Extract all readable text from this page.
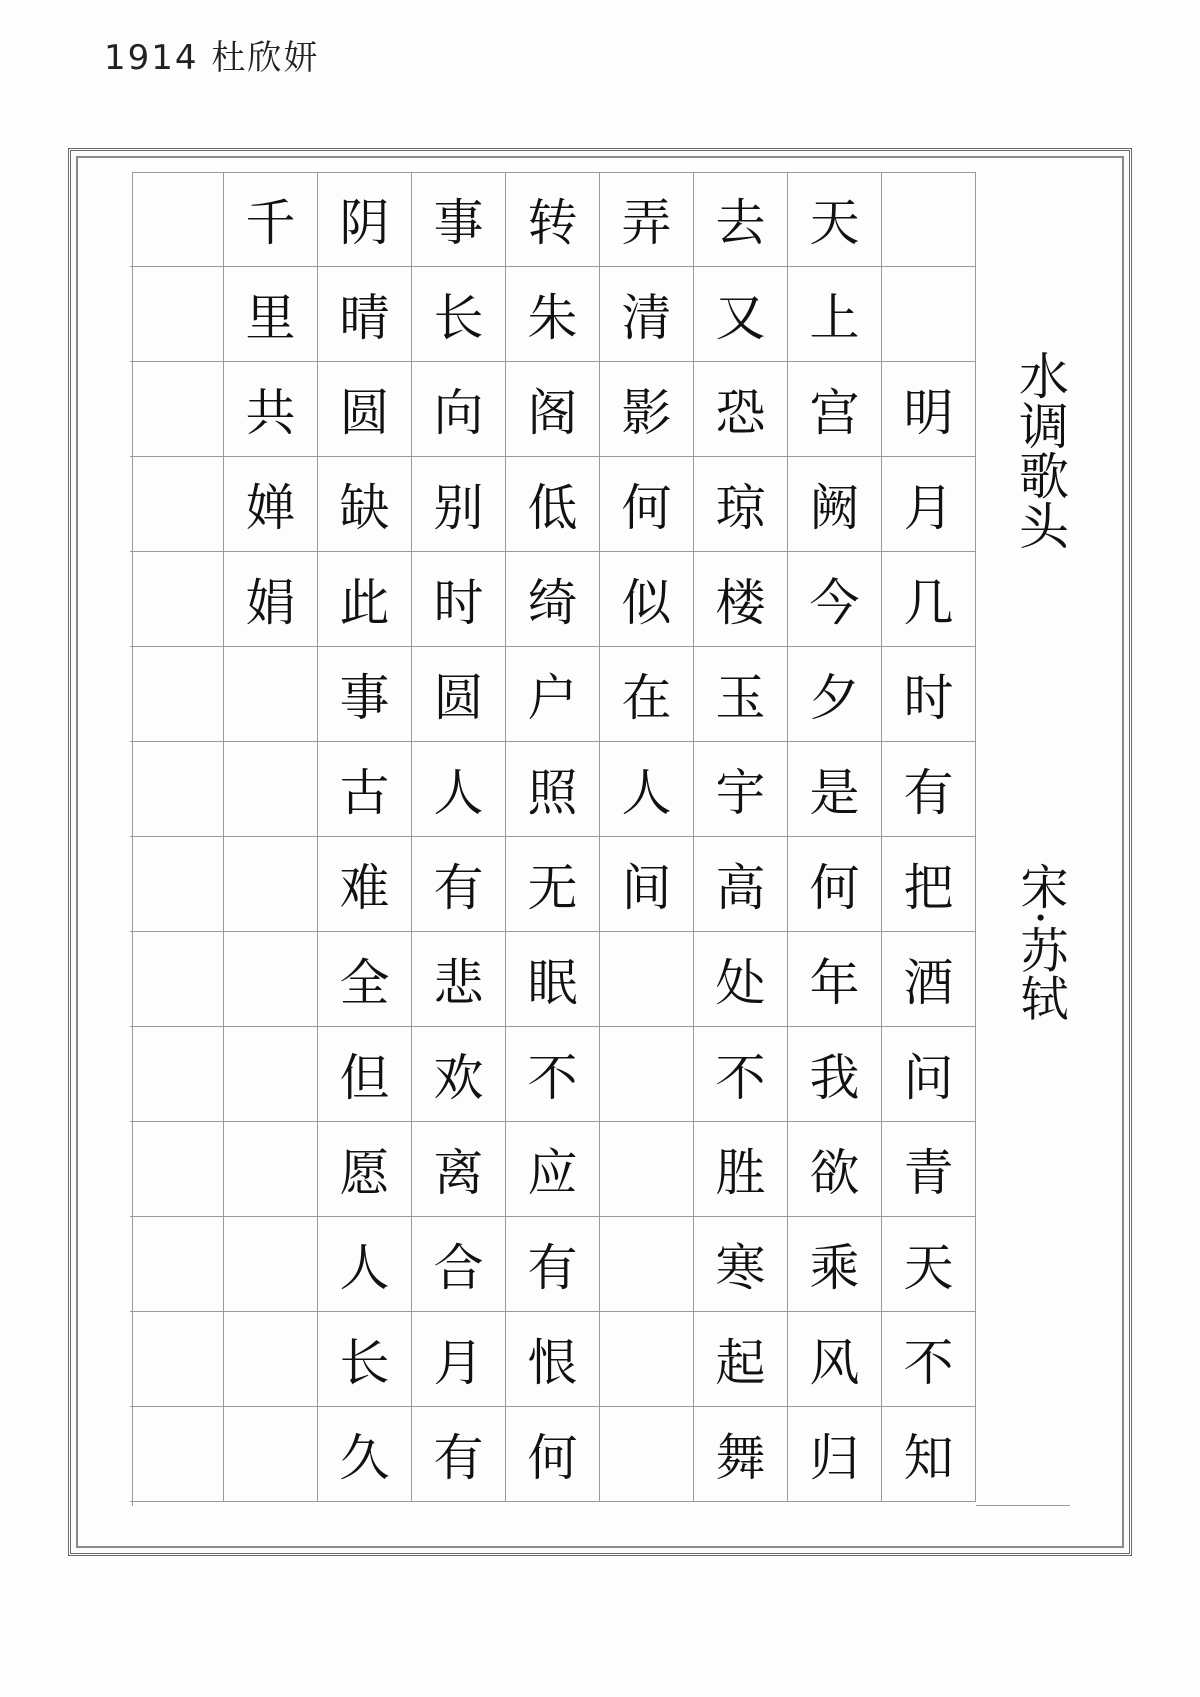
1914 杜欣妍
明
月
几
时
有
把
酒
问
青
天
不
知
天
上
宫
阙
今
夕
是
何
年
我
欲
乘
风
归
去
又
恐
琼
楼
玉
宇
高
处
不
胜
寒
起
舞
弄
清
影
何
似
在
人
间
转
朱
阁
低
绮
户
照
无
眠
不
应
有
恨
何
事
长
向
别
时
圆
人
有
悲
欢
离
合
月
有
阴
晴
圆
缺
此
事
古
难
全
但
愿
人
长
久
千
里
共
婵
娟
水调歌头
宋·苏轼
